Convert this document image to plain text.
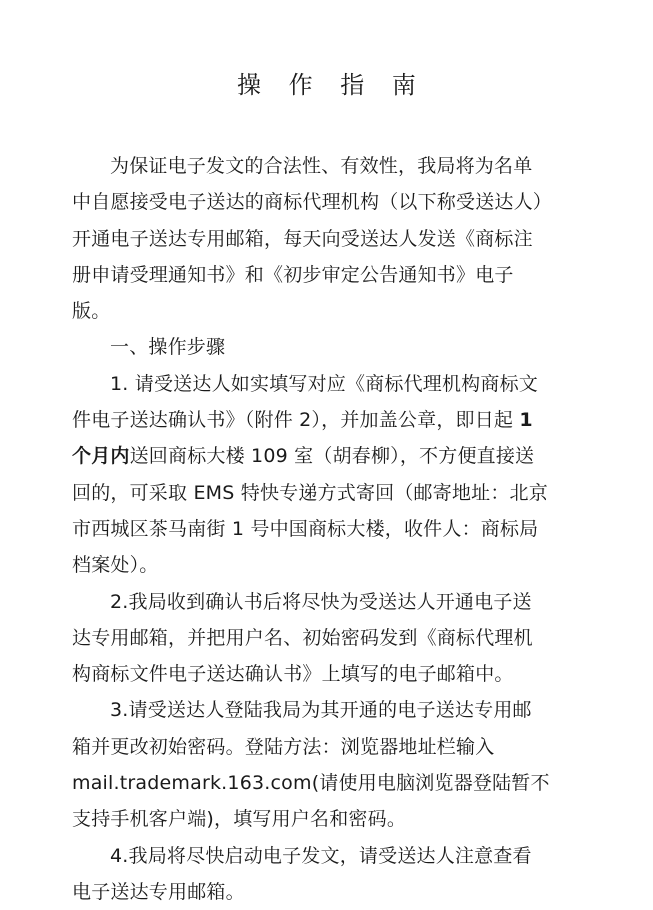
操 作 指 南

为保证电子发文的合法性、有效性，我局将为名单中自愿接受电子送达的商标代理机构（以下称受送达人）开通电子送达专用邮箱，每天向受送达人发送《商标注册申请受理通知书》和《初步审定公告通知书》电子版。

一、操作步骤

1. 请受送达人如实填写对应《商标代理机构商标文件电子送达确认书》（附件 2），并加盖公章，即日起 1 个月内送回商标大楼 109 室（胡春柳），不方便直接送回的，可采取 EMS 特快专递方式寄回（邮寄地址：北京市西城区茶马南街 1 号中国商标大楼，收件人：商标局档案处）。

2.我局收到确认书后将尽快为受送达人开通电子送达专用邮箱，并把用户名、初始密码发到《商标代理机构商标文件电子送达确认书》上填写的电子邮箱中。

3.请受送达人登陆我局为其开通的电子送达专用邮箱并更改初始密码。登陆方法：浏览器地址栏输入 mail.trademark.163.com(请使用电脑浏览器登陆暂不支持手机客户端)，填写用户名和密码。

4.我局将尽快启动电子发文，请受送达人注意查看电子送达专用邮箱。
